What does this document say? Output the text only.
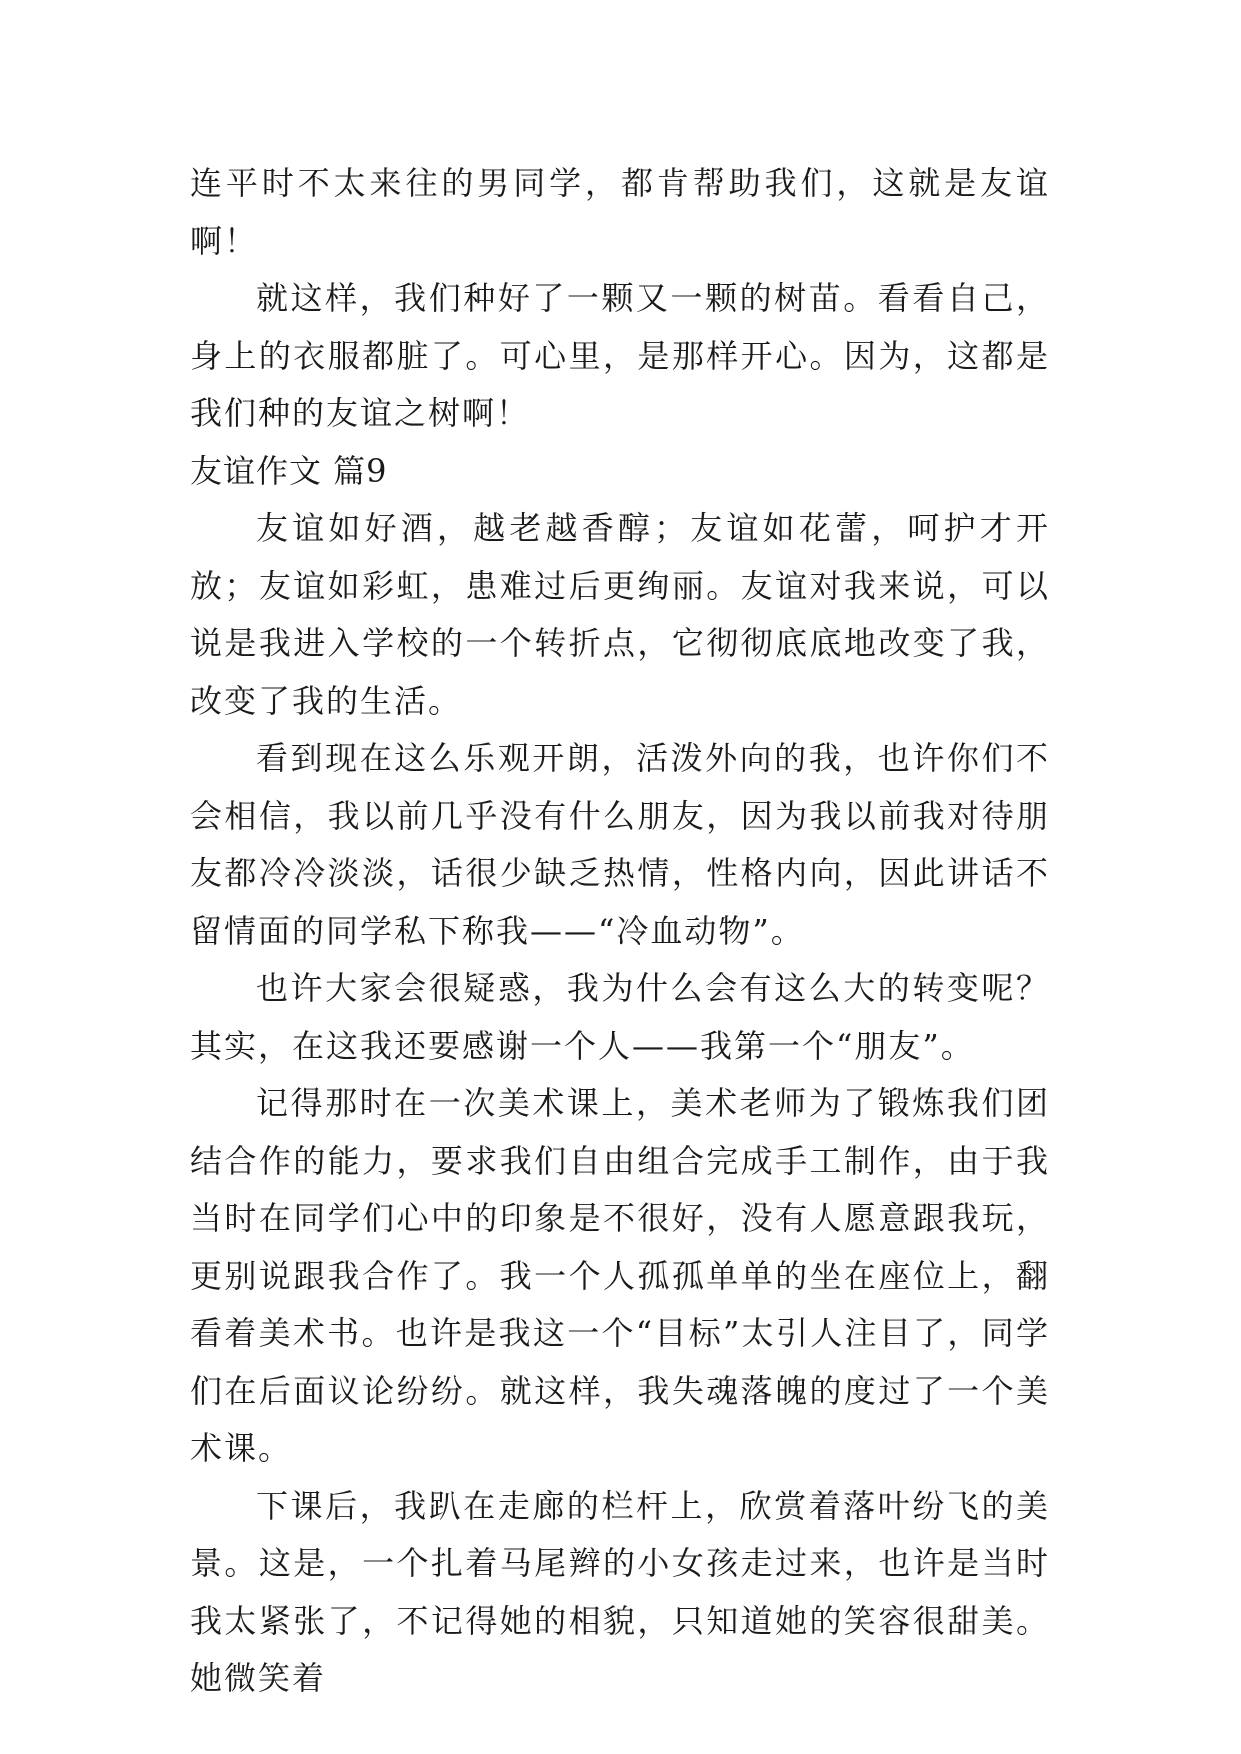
连平时不太来往的男同学，都肯帮助我们，这就是友谊啊！

就这样，我们种好了一颗又一颗的树苗。看看自己，身上的衣服都脏了。可心里，是那样开心。因为，这都是我们种的友谊之树啊！

友谊作文 篇9

友谊如好酒，越老越香醇；友谊如花蕾，呵护才开放；友谊如彩虹，患难过后更绚丽。友谊对我来说，可以说是我进入学校的一个转折点，它彻彻底底地改变了我，改变了我的生活。

看到现在这么乐观开朗，活泼外向的我，也许你们不会相信，我以前几乎没有什么朋友，因为我以前我对待朋友都冷冷淡淡，话很少缺乏热情，性格内向，因此讲话不留情面的同学私下称我——“冷血动物”。

也许大家会很疑惑，我为什么会有这么大的转变呢？其实，在这我还要感谢一个人——我第一个“朋友”。

记得那时在一次美术课上，美术老师为了锻炼我们团结合作的能力，要求我们自由组合完成手工制作，由于我当时在同学们心中的印象是不很好，没有人愿意跟我玩，更别说跟我合作了。我一个人孤孤单单的坐在座位上，翻看着美术书。也许是我这一个“目标”太引人注目了，同学们在后面议论纷纷。就这样，我失魂落魄的度过了一个美术课。

下课后，我趴在走廊的栏杆上，欣赏着落叶纷飞的美景。这是，一个扎着马尾辫的小女孩走过来，也许是当时我太紧张了，不记得她的相貌，只知道她的笑容很甜美。她微笑着
